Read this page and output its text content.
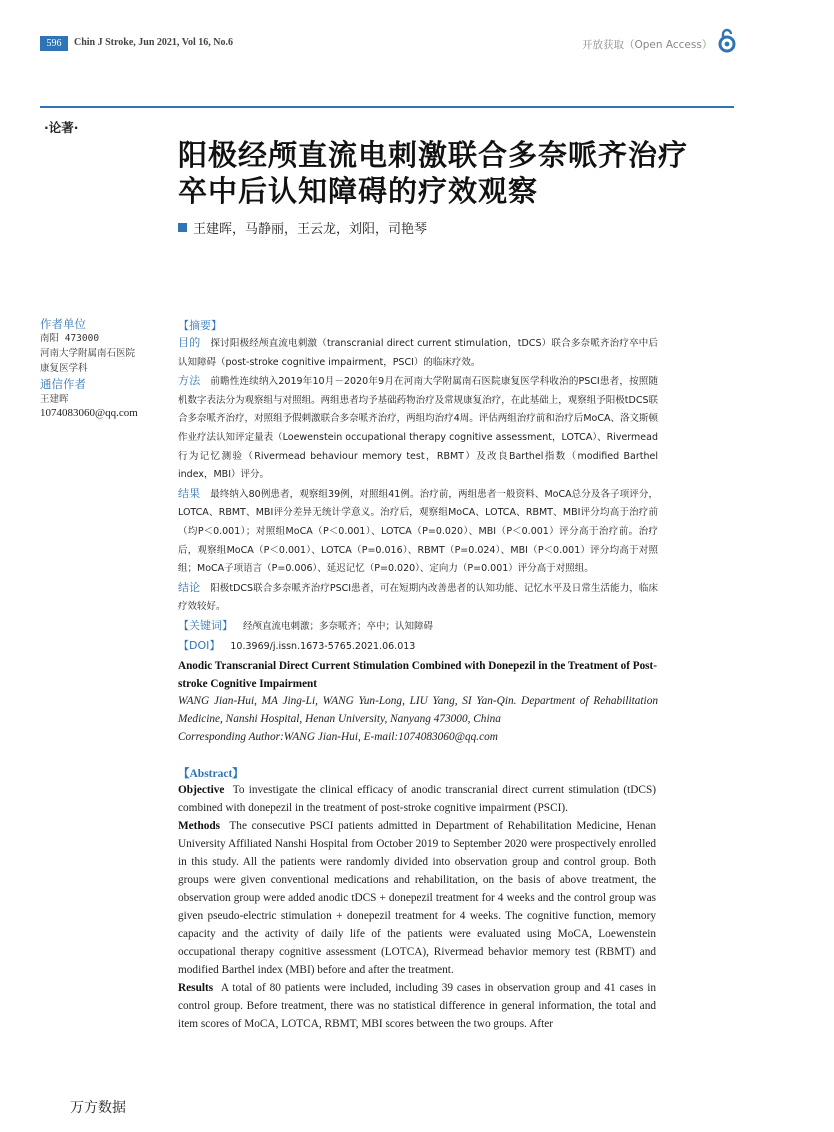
596	Chin J Stroke, Jun 2021, Vol 16, No.6	开放获取（Open Access）
·论著·
阳极经颅直流电刺激联合多奈哌齐治疗
卒中后认知障碍的疗效观察
王建晖，马静丽，王云龙，刘阳，司艳琴
作者单位
南阳 473000
河南大学附属南石医院
康复医学科
通信作者
王建晖
1074083060@qq.com
【摘要】

目的 探讨阳极经颅直流电刺激（transcranial direct current stimulation，tDCS）联合多奈哌齐治疗卒中后认知障碍（post-stroke cognitive impairment，PSCI）的临床疗效。

方法 前瞻性连续纳入2019年10月－2020年9月在河南大学附属南石医院康复医学科收治的PSCI患者，按照随机数字表法分为观察组与对照组。两组患者均予基础药物治疗及常规康复治疗，在此基础上，观察组予阳极tDCS联合多奈哌齐治疗，对照组予假刺激联合多奈哌齐治疗，两组均治疗4周。评估两组治疗前和治疗后MoCA、洛文斯顿作业疗法认知评定量表（Loewenstein occupational therapy cognitive assessment，LOTCA）、Rivermead行为记忆测验（Rivermead behaviour memory test，RBMT）及改良Barthel指数（modified Barthel index，MBI）评分。

结果 最终纳入80例患者，观察组39例，对照组41例。治疗前，两组患者一般资料、MoCA总分及各子项评分，LOTCA、RBMT、MBI评分差异无统计学意义。治疗后，观察组MoCA、LOTCA、RBMT、MBI评分均高于治疗前（均P＜0.001）；对照组MoCA（P＜0.001）、LOTCA（P=0.020）、MBI（P＜0.001）评分高于治疗前。治疗后，观察组MoCA（P＜0.001）、LOTCA（P=0.016）、RBMT（P=0.024）、MBI（P＜0.001）评分均高于对照组；MoCA子项语言（P=0.006）、延迟记忆（P=0.020）、定向力（P=0.001）评分高于对照组。

结论 阳极tDCS联合多奈哌齐治疗PSCI患者，可在短期内改善患者的认知功能、记忆水平及日常生活能力，临床疗效较好。

【关键词】 经颅直流电刺激；多奈哌齐；卒中；认知障碍

【DOI】 10.3969/j.issn.1673-5765.2021.06.013

Anodic Transcranial Direct Current Stimulation Combined with Donepezil in the Treatment of Post-stroke Cognitive Impairment
WANG Jian-Hui, MA Jing-Li, WANG Yun-Long, LIU Yang, SI Yan-Qin. Department of Rehabilitation Medicine, Nanshi Hospital, Henan University, Nanyang 473000, China
Corresponding Author:WANG Jian-Hui, E-mail:1074083060@qq.com
【Abstract】

Objective To investigate the clinical efficacy of anodic transcranial direct current stimulation (tDCS) combined with donepezil in the treatment of post-stroke cognitive impairment (PSCI).

Methods The consecutive PSCI patients admitted in Department of Rehabilitation Medicine, Henan University Affiliated Nanshi Hospital from October 2019 to September 2020 were prospectively enrolled in this study. All the patients were randomly divided into observation group and control group. Both groups were given conventional medications and rehabilitation, on the basis of above treatment, the observation group were added anodic tDCS + donepezil treatment for 4 weeks and the control group was given pseudo-electric stimulation + donepezil treatment for 4 weeks. The cognitive function, memory capacity and the activity of daily life of the patients were evaluated using MoCA, Loewenstein occupational therapy cognitive assessment (LOTCA), Rivermead behavior memory test (RBMT) and modified Barthel index (MBI) before and after the treatment.

Results A total of 80 patients were included, including 39 cases in observation group and 41 cases in control group. Before treatment, there was no statistical difference in general information, the total and item scores of MoCA, LOTCA, RBMT, MBI scores between the two groups. After

万方数据
